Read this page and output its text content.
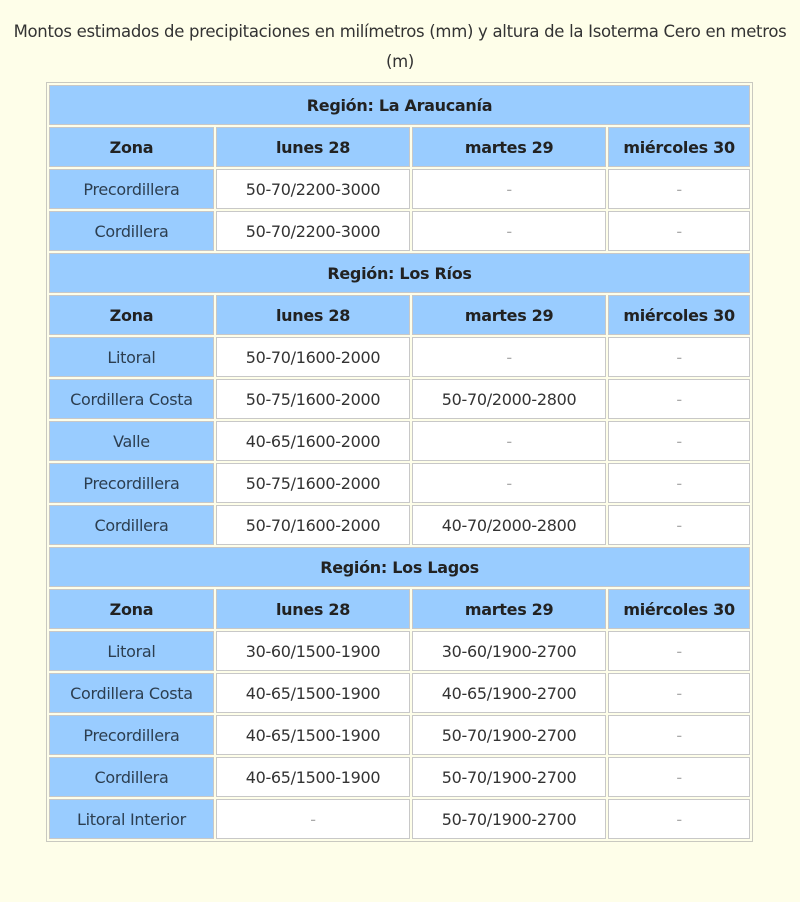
Montos estimados de precipitaciones en milímetros (mm) y altura de la Isoterma Cero en metros (m)
Región: La Araucanía			
Zona	lunes 28	martes 29	miércoles 30
Precordillera	50-70/2200-3000	-	-
Cordillera	50-70/2200-3000	-	-
Región: Los Ríos			
Zona	lunes 28	martes 29	miércoles 30
Litoral	50-70/1600-2000	-	-
Cordillera Costa	50-75/1600-2000	50-70/2000-2800	-
Valle	40-65/1600-2000	-	-
Precordillera	50-75/1600-2000	-	-
Cordillera	50-70/1600-2000	40-70/2000-2800	-
Región: Los Lagos			
Zona	lunes 28	martes 29	miércoles 30
Litoral	30-60/1500-1900	30-60/1900-2700	-
Cordillera Costa	40-65/1500-1900	40-65/1900-2700	-
Precordillera	40-65/1500-1900	50-70/1900-2700	-
Cordillera	40-65/1500-1900	50-70/1900-2700	-
Litoral Interior	-	50-70/1900-2700	-
